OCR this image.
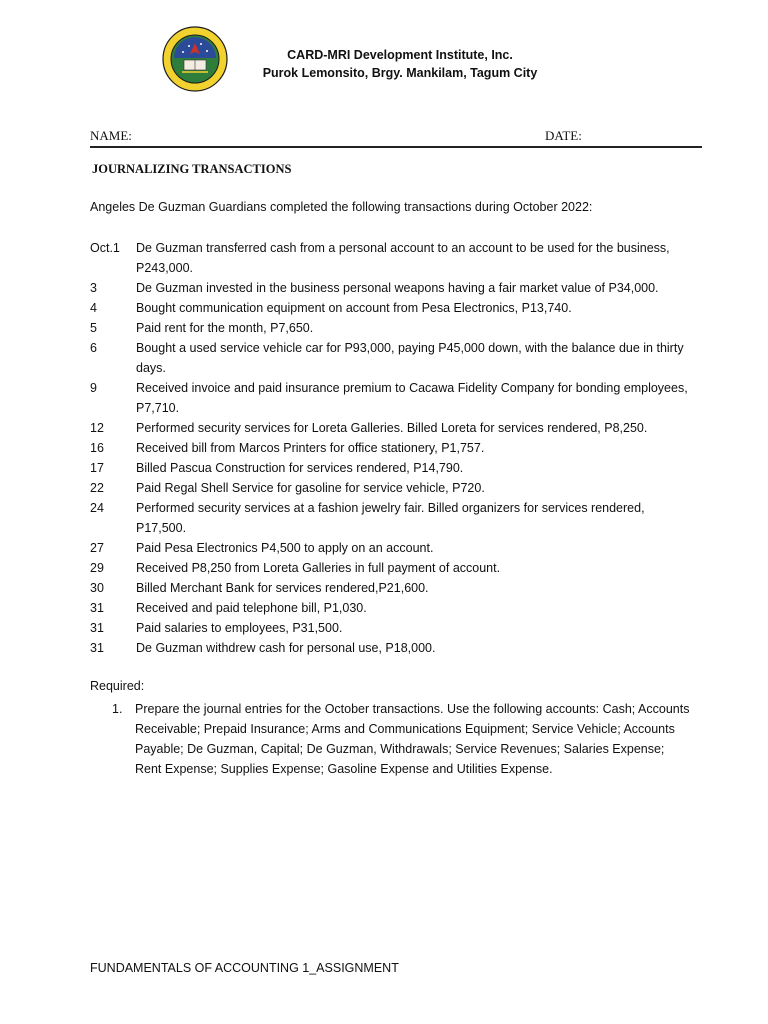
CARD-MRI Development Institute, Inc.
Purok Lemonsito, Brgy. Mankilam, Tagum City
NAME:	DATE:
JOURNALIZING TRANSACTIONS
Angeles De Guzman Guardians completed the following transactions during October 2022:
Oct.1 De Guzman transferred cash from a personal account to an account to be used for the business, P243,000.
3	De Guzman invested in the business personal weapons having a fair market value of P34,000.
4	Bought communication equipment on account from Pesa Electronics, P13,740.
5	Paid rent for the month, P7,650.
6	Bought a used service vehicle car for P93,000, paying P45,000 down, with the balance due in thirty days.
9	Received invoice and paid insurance premium to Cacawa Fidelity Company for bonding employees, P7,710.
12	Performed security services for Loreta Galleries. Billed Loreta for services rendered, P8,250.
16	Received bill from Marcos Printers for office stationery, P1,757.
17	Billed Pascua Construction for services rendered, P14,790.
22	Paid Regal Shell Service for gasoline for service vehicle, P720.
24	Performed security services at a fashion jewelry fair. Billed organizers for services rendered, P17,500.
27	Paid Pesa Electronics P4,500 to apply on an account.
29	Received P8,250 from Loreta Galleries in full payment of account.
30	Billed Merchant Bank for services rendered,P21,600.
31	Received and paid telephone bill, P1,030.
31	Paid salaries to employees, P31,500.
31	De Guzman withdrew cash for personal use, P18,000.
Required:
1.	Prepare the journal entries for the October transactions. Use the following accounts: Cash; Accounts Receivable; Prepaid Insurance; Arms and Communications Equipment; Service Vehicle; Accounts Payable; De Guzman, Capital; De Guzman, Withdrawals; Service Revenues; Salaries Expense; Rent Expense; Supplies Expense; Gasoline Expense and Utilities Expense.
FUNDAMENTALS OF ACCOUNTING 1_ASSIGNMENT
